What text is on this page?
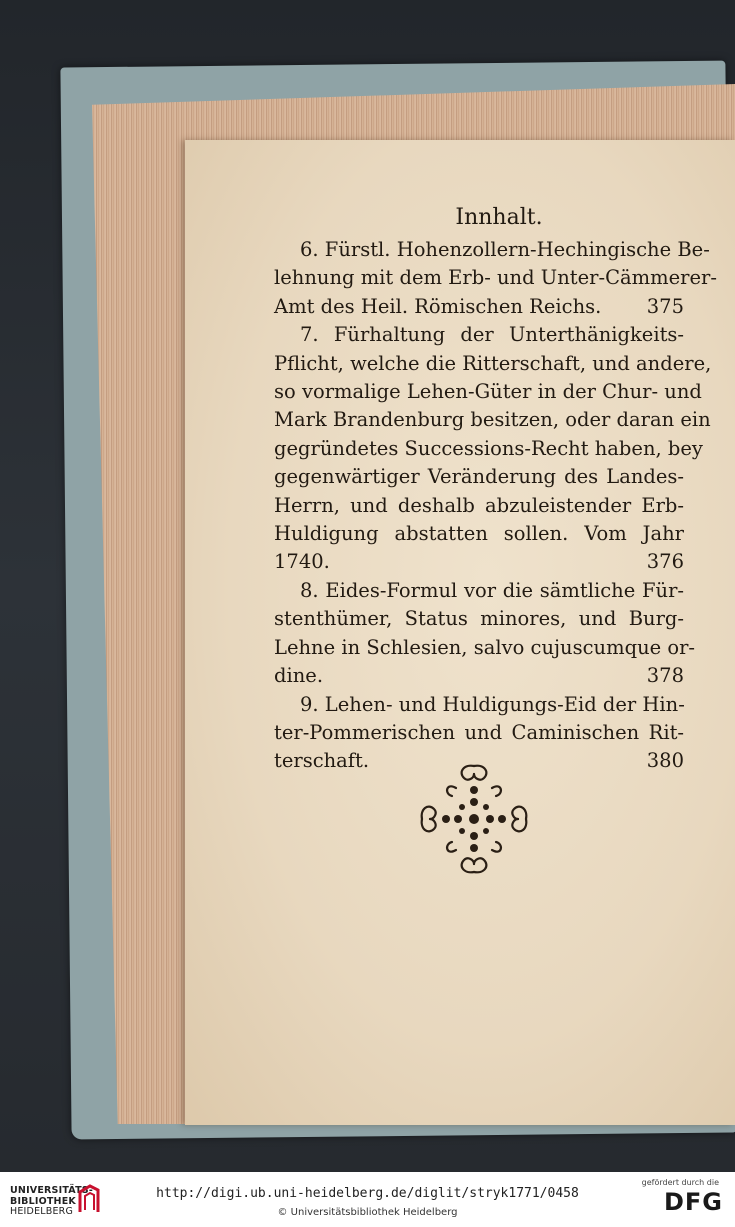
Innhalt.
6. Fürstl. Hohenzollern-Hechingische Be-
lehnung mit dem Erb- und Unter-Cämmerer-
Amt des Heil. Römischen Reichs. 375
7. Fürhaltung der Unterthänigkeits-
Pflicht, welche die Ritterschaft, und andere,
so vormalige Lehen-Güter in der Chur- und
Mark Brandenburg besitzen, oder daran ein
gegründetes Successions-Recht haben, bey
gegenwärtiger Veränderung des Landes-
Herrn, und deshalb abzuleistender Erb-
Huldigung abstatten sollen. Vom Jahr
1740.	376
8. Eides-Formul vor die sämtliche Für-
stenthümer, Status minores, und Burg-
Lehne in Schlesien, salvo cujuscumque or-
dine.	378
9. Lehen- und Huldigungs-Eid der Hin-
ter-Pommerischen und Caminischen Rit-
terschaft.	380
UNIVERSITÄTS-
BIBLIOTHEK
HEIDELBERG
http://digi.ub.uni-heidelberg.de/diglit/stryk1771/0458
© Universitätsbibliothek Heidelberg
gefördert durch die
DFG
